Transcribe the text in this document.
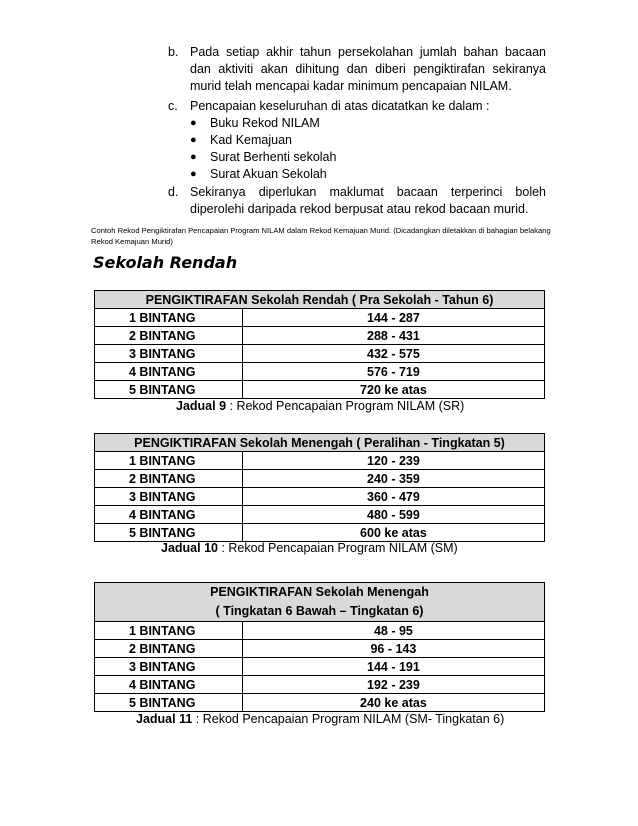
b. Pada setiap akhir tahun persekolahan jumlah bahan bacaan dan aktiviti akan dihitung dan diberi pengiktirafan sekiranya murid telah mencapai kadar minimum pencapaian NILAM.
c. Pencapaian keseluruhan di atas dicatatkan ke dalam :
●	Buku Rekod NILAM
●	Kad Kemajuan
●	Surat Berhenti sekolah
●	Surat Akuan Sekolah
d. Sekiranya diperlukan maklumat bacaan terperinci boleh diperolehi daripada rekod berpusat atau rekod bacaan murid.
Contoh Rekod Pengiktirafan Pencapaian Program NILAM dalam Rekod Kemajuan Murid. (Dicadangkan diletakkan di bahagian belakang Rekod Kemajuan Murid)
Sekolah Rendah
PENGIKTIRAFAN Sekolah Rendah ( Pra Sekolah - Tahun 6)	
1 BINTANG	144 - 287
2 BINTANG	288 - 431
3 BINTANG	432 - 575
4 BINTANG	576 - 719
5 BINTANG	720 ke atas
Jadual 9 : Rekod Pencapaian Program NILAM (SR)
PENGIKTIRAFAN Sekolah Menengah ( Peralihan - Tingkatan 5)	
1 BINTANG	120 - 239
2 BINTANG	240 - 359
3 BINTANG	360 - 479
4 BINTANG	480 - 599
5 BINTANG	600 ke atas
Jadual 10 : Rekod Pencapaian Program NILAM (SM)
PENGIKTIRAFAN Sekolah Menengah
( Tingkatan 6 Bawah – Tingkatan 6)	

1 BINTANG	48 - 95
2 BINTANG	96 - 143
3 BINTANG	144 - 191
4 BINTANG	192 - 239
5 BINTANG	240 ke atas
Jadual 11 : Rekod Pencapaian Program NILAM (SM- Tingkatan 6)
